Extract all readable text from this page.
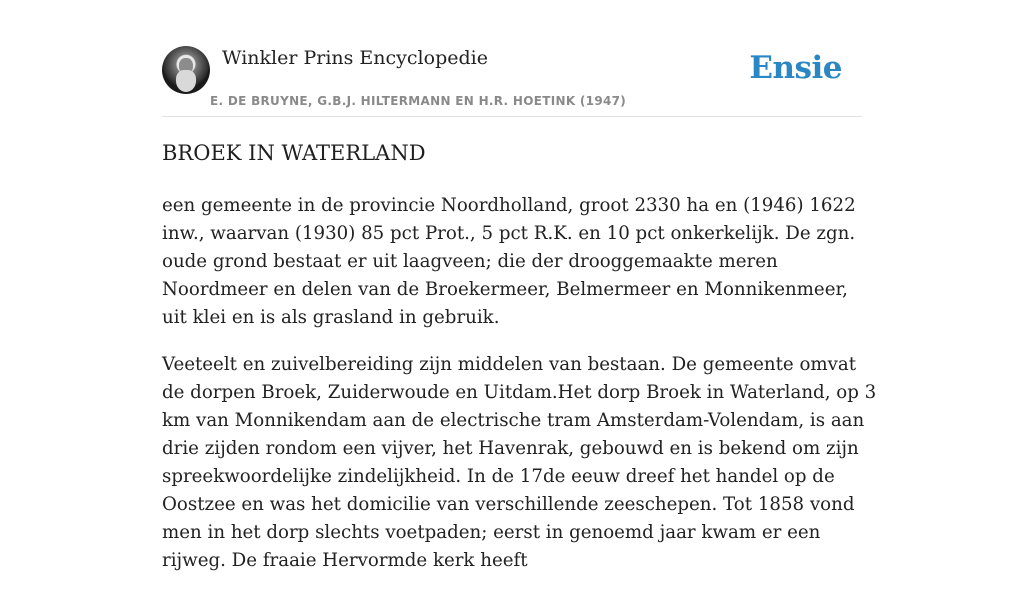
Winkler Prins Encyclopedie
E. DE BRUYNE, G.B.J. HILTERMANN EN H.R. HOETINK (1947)
Ensie
BROEK IN WATERLAND

een gemeente in de provincie Noordholland, groot 2330 ha en (1946) 1622 inw., waarvan (1930) 85 pct Prot., 5 pct R.K. en 10 pct onkerkelijk. De zgn. oude grond bestaat er uit laagveen; die der drooggemaakte meren Noordmeer en delen van de Broekermeer, Belmermeer en Monnikenmeer, uit klei en is als grasland in gebruik.

Veeteelt en zuivelbereiding zijn middelen van bestaan. De gemeente omvat de dorpen Broek, Zuiderwoude en Uitdam.Het dorp Broek in Waterland, op 3 km van Monnikendam aan de electrische tram Amsterdam-Volendam, is aan drie zijden rondom een vijver, het Havenrak, gebouwd en is bekend om zijn spreekwoordelijke zindelijkheid. In de 17de eeuw dreef het handel op de Oostzee en was het domicilie van verschillende zeeschepen. Tot 1858 vond men in het dorp slechts voetpaden; eerst in genoemd jaar kwam er een rijweg. De fraaie Hervormde kerk heeft
